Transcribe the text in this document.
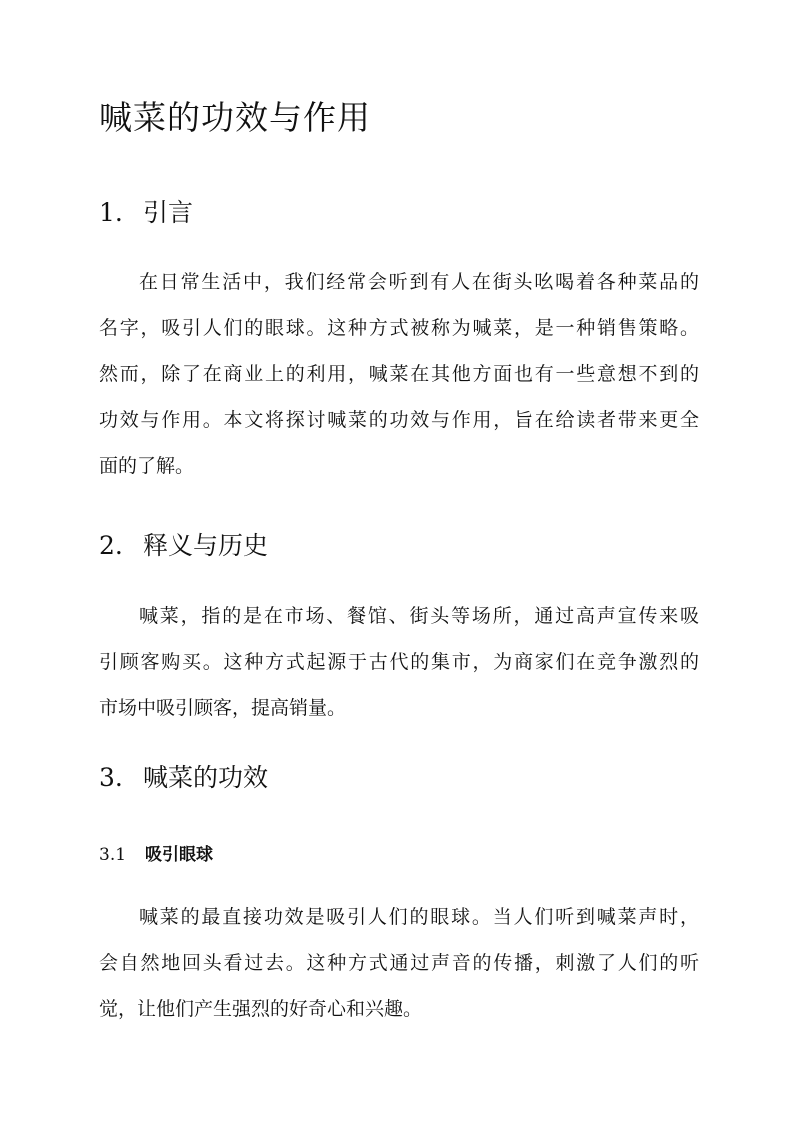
喊菜的功效与作用
1. 引言
在日常生活中，我们经常会听到有人在街头吆喝着各种菜品的
名字，吸引人们的眼球。这种方式被称为喊菜，是一种销售策略。
然而，除了在商业上的利用，喊菜在其他方面也有一些意想不到的
功效与作用。本文将探讨喊菜的功效与作用，旨在给读者带来更全
面的了解。
2. 释义与历史
喊菜，指的是在市场、餐馆、街头等场所，通过高声宣传来吸
引顾客购买。这种方式起源于古代的集市，为商家们在竞争激烈的
市场中吸引顾客，提高销量。
3. 喊菜的功效
3.1 吸引眼球
喊菜的最直接功效是吸引人们的眼球。当人们听到喊菜声时，
会自然地回头看过去。这种方式通过声音的传播，刺激了人们的听
觉，让他们产生强烈的好奇心和兴趣。
